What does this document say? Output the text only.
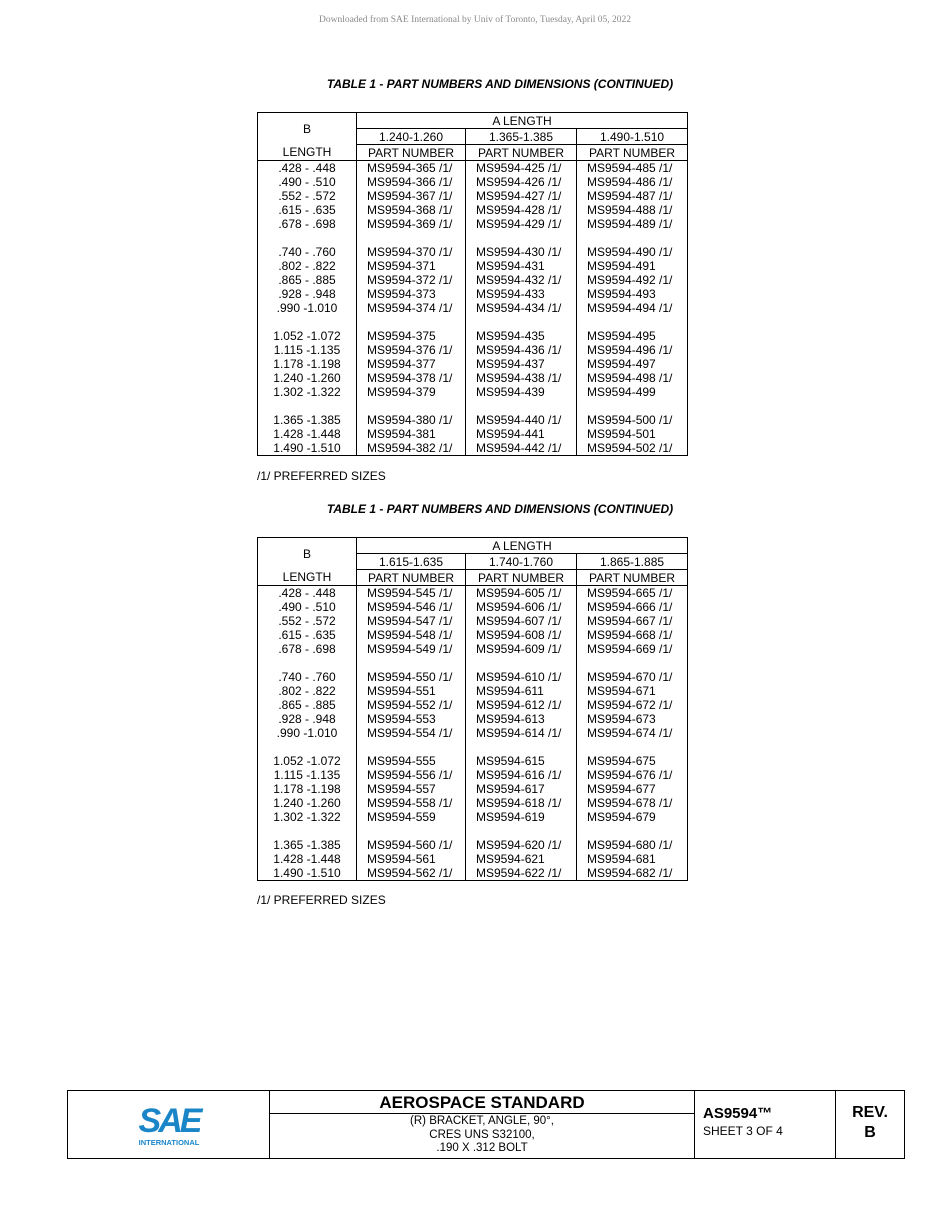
Downloaded from SAE International by Univ of Toronto, Tuesday, April 05, 2022
TABLE 1 - PART NUMBERS AND DIMENSIONS (CONTINUED)
B	A LENGTH		
	1.240-1.260	1.365-1.385	1.490-1.510
LENGTH	PART NUMBER	PART NUMBER	PART NUMBER
.428 - .448	MS9594-365 /1/	MS9594-425 /1/	MS9594-485 /1/
.490 - .510	MS9594-366 /1/	MS9594-426 /1/	MS9594-486 /1/
.552 - .572	MS9594-367 /1/	MS9594-427 /1/	MS9594-487 /1/
.615 - .635	MS9594-368 /1/	MS9594-428 /1/	MS9594-488 /1/
.678 - .698	MS9594-369 /1/	MS9594-429 /1/	MS9594-489 /1/

.740 - .760	MS9594-370 /1/	MS9594-430 /1/	MS9594-490 /1/
.802 - .822	MS9594-371	MS9594-431	MS9594-491
.865 - .885	MS9594-372 /1/	MS9594-432 /1/	MS9594-492 /1/
.928 - .948	MS9594-373	MS9594-433	MS9594-493
.990 -1.010	MS9594-374 /1/	MS9594-434 /1/	MS9594-494 /1/

1.052 -1.072	MS9594-375	MS9594-435	MS9594-495
1.115 -1.135	MS9594-376 /1/	MS9594-436 /1/	MS9594-496 /1/
1.178 -1.198	MS9594-377	MS9594-437	MS9594-497
1.240 -1.260	MS9594-378 /1/	MS9594-438 /1/	MS9594-498 /1/
1.302 -1.322	MS9594-379	MS9594-439	MS9594-499

1.365 -1.385	MS9594-380 /1/	MS9594-440 /1/	MS9594-500 /1/
1.428 -1.448	MS9594-381	MS9594-441	MS9594-501
1.490 -1.510	MS9594-382 /1/	MS9594-442 /1/	MS9594-502 /1/
/1/ PREFERRED SIZES
TABLE 1 - PART NUMBERS AND DIMENSIONS (CONTINUED)
B	A LENGTH		
	1.615-1.635	1.740-1.760	1.865-1.885
LENGTH	PART NUMBER	PART NUMBER	PART NUMBER
.428 - .448	MS9594-545 /1/	MS9594-605 /1/	MS9594-665 /1/
.490 - .510	MS9594-546 /1/	MS9594-606 /1/	MS9594-666 /1/
.552 - .572	MS9594-547 /1/	MS9594-607 /1/	MS9594-667 /1/
.615 - .635	MS9594-548 /1/	MS9594-608 /1/	MS9594-668 /1/
.678 - .698	MS9594-549 /1/	MS9594-609 /1/	MS9594-669 /1/

.740 - .760	MS9594-550 /1/	MS9594-610 /1/	MS9594-670 /1/
.802 - .822	MS9594-551	MS9594-611	MS9594-671
.865 - .885	MS9594-552 /1/	MS9594-612 /1/	MS9594-672 /1/
.928 - .948	MS9594-553	MS9594-613	MS9594-673
.990 -1.010	MS9594-554 /1/	MS9594-614 /1/	MS9594-674 /1/

1.052 -1.072	MS9594-555	MS9594-615	MS9594-675
1.115 -1.135	MS9594-556 /1/	MS9594-616 /1/	MS9594-676 /1/
1.178 -1.198	MS9594-557	MS9594-617	MS9594-677
1.240 -1.260	MS9594-558 /1/	MS9594-618 /1/	MS9594-678 /1/
1.302 -1.322	MS9594-559	MS9594-619	MS9594-679

1.365 -1.385	MS9594-560 /1/	MS9594-620 /1/	MS9594-680 /1/
1.428 -1.448	MS9594-561	MS9594-621	MS9594-681
1.490 -1.510	MS9594-562 /1/	MS9594-622 /1/	MS9594-682 /1/
/1/ PREFERRED SIZES
SAE
INTERNATIONAL
AEROSPACE STANDARD
(R) BRACKET, ANGLE, 90°,
CRES UNS S32100,
.190 X .312 BOLT
AS9594™
SHEET 3 OF 4
REV.
B
